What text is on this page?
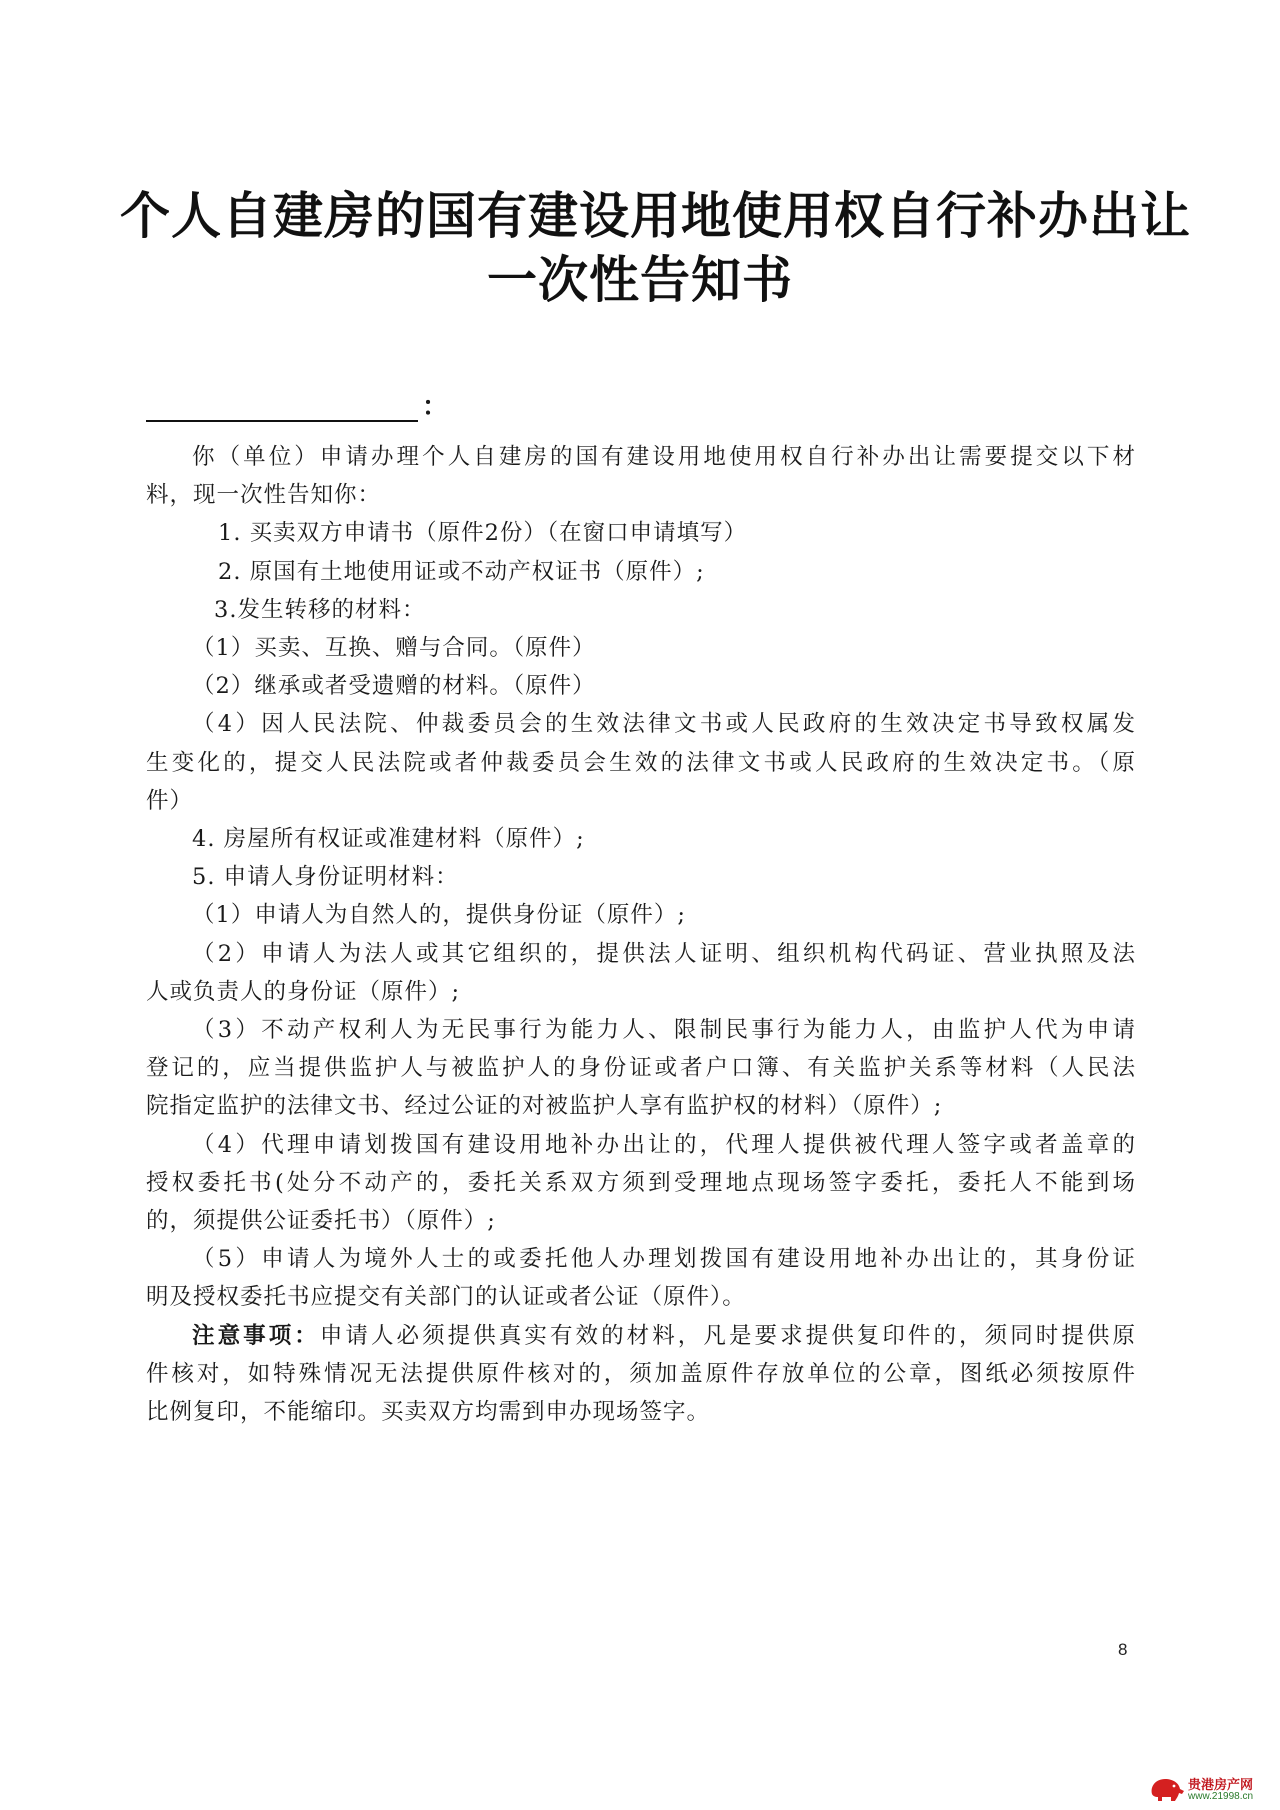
个人自建房的国有建设用地使用权自行补办出让
一次性告知书
：
你（单位）申请办理个人自建房的国有建设用地使用权自行补办出让需要提交以下材
料，现一次性告知你：
1. 买卖双方申请书（原件2份）（在窗口申请填写）
2. 原国有土地使用证或不动产权证书（原件）;
3.发生转移的材料：
（1）买卖、互换、赠与合同。（原件）
（2）继承或者受遗赠的材料。（原件）
（4）因人民法院、仲裁委员会的生效法律文书或人民政府的生效决定书导致权属发
生变化的，提交人民法院或者仲裁委员会生效的法律文书或人民政府的生效决定书。（原
件）
4. 房屋所有权证或准建材料（原件）;
5. 申请人身份证明材料：
（1）申请人为自然人的，提供身份证（原件）;
（2）申请人为法人或其它组织的，提供法人证明、组织机构代码证、营业执照及法
人或负责人的身份证（原件）;
（3）不动产权利人为无民事行为能力人、限制民事行为能力人，由监护人代为申请
登记的，应当提供监护人与被监护人的身份证或者户口簿、有关监护关系等材料（人民法
院指定监护的法律文书、经过公证的对被监护人享有监护权的材料）（原件）;
（4）代理申请划拨国有建设用地补办出让的，代理人提供被代理人签字或者盖章的
授权委托书(处分不动产的，委托关系双方须到受理地点现场签字委托，委托人不能到场
的，须提供公证委托书）（原件）;
（5）申请人为境外人士的或委托他人办理划拨国有建设用地补办出让的，其身份证
明及授权委托书应提交有关部门的认证或者公证（原件）。
注意事项：申请人必须提供真实有效的材料，凡是要求提供复印件的，须同时提供原
件核对，如特殊情况无法提供原件核对的，须加盖原件存放单位的公章，图纸必须按原件
比例复印，不能缩印。买卖双方均需到申办现场签字。
8
贵港房产网
www.21998.cn
